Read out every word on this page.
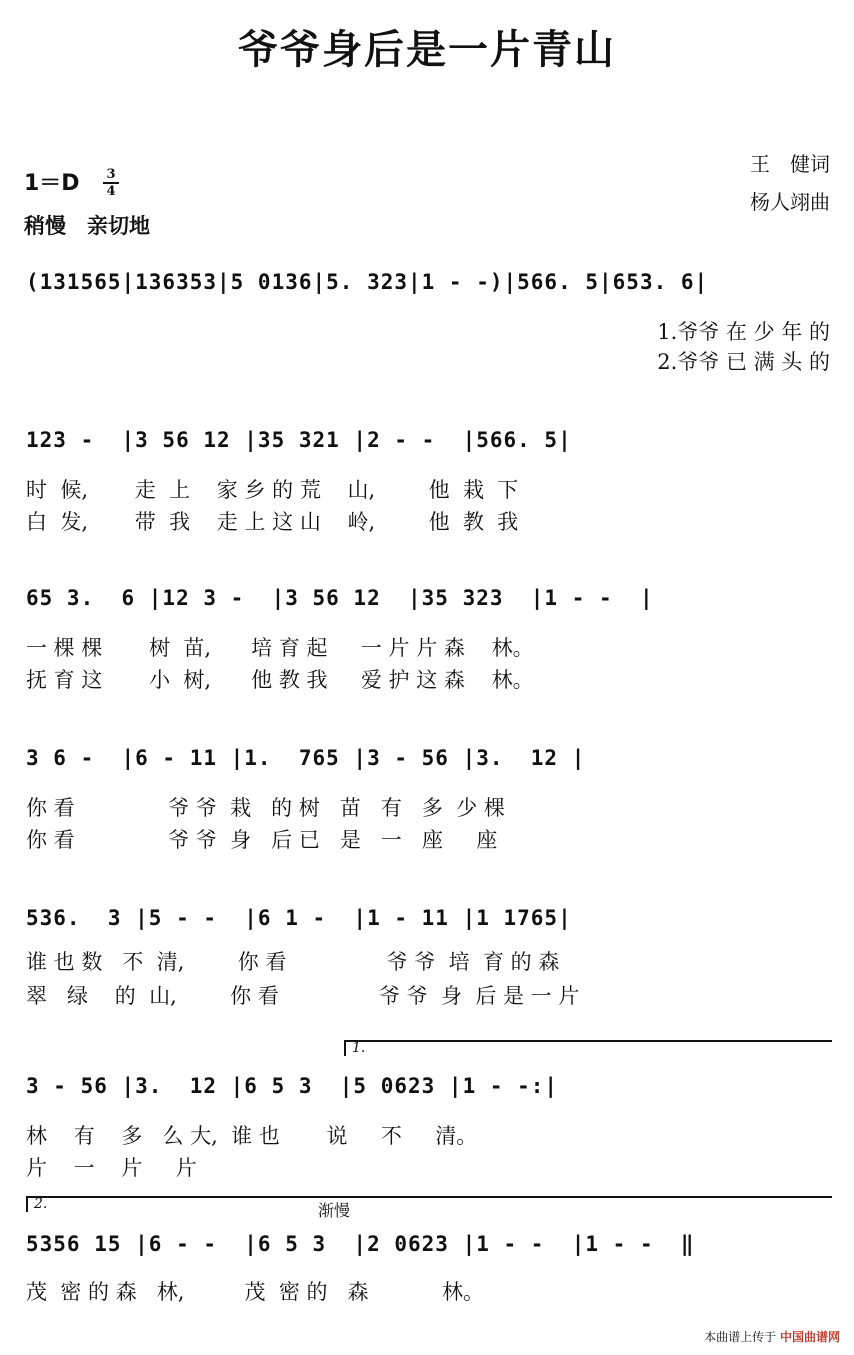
爷爷身后是一片青山
王　健词
杨人翊曲
1＝D	3
4
稍慢　亲切地
(131565|136353|5 0136|5. 323|1 - -)|566. 5|653. 6|
1.爷爷 在 少 年 的
2.爷爷 已 满 头 的
123 -  |3 56 12 |35 321 |2 - -  |566. 5|
时  候,       走  上    家 乡 的 荒    山,        他  栽  下
白  发,       带  我    走 上 这 山    岭,        他  教  我
65 3.  6 |12 3 -  |3 56 12  |35 323  |1 - -  |
一 棵 棵       树  苗,      培 育 起     一 片 片 森    林。
抚 育 这       小  树,      他 教 我     爱 护 这 森    林。
3 6 -  |6 - 11 |1.  765 |3 - 56 |3.  12 |
你 看              爷 爷  栽   的 树   苗   有   多  少 棵
你 看              爷 爷  身   后 已   是   一   座     座
536.  3 |5 - -  |6 1 -  |1 - 11 |1 1765|
谁 也 数   不  清,        你 看               爷 爷  培  育 的 森
翠   绿    的  山,        你 看               爷 爷  身  后 是 一 片
1.
3 - 56 |3.  12 |6 5 3  |5 0623 |1 - -:|
林    有    多   么 大,  谁 也       说     不     清。
片    一    片     片
2.	渐慢
5356 15 |6 - -  |6 5 3  |2 0623 |1 - -  |1 - -  ‖
茂  密 的 森   林,         茂  密 的   森           林。
本曲谱上传于 中国曲谱网
